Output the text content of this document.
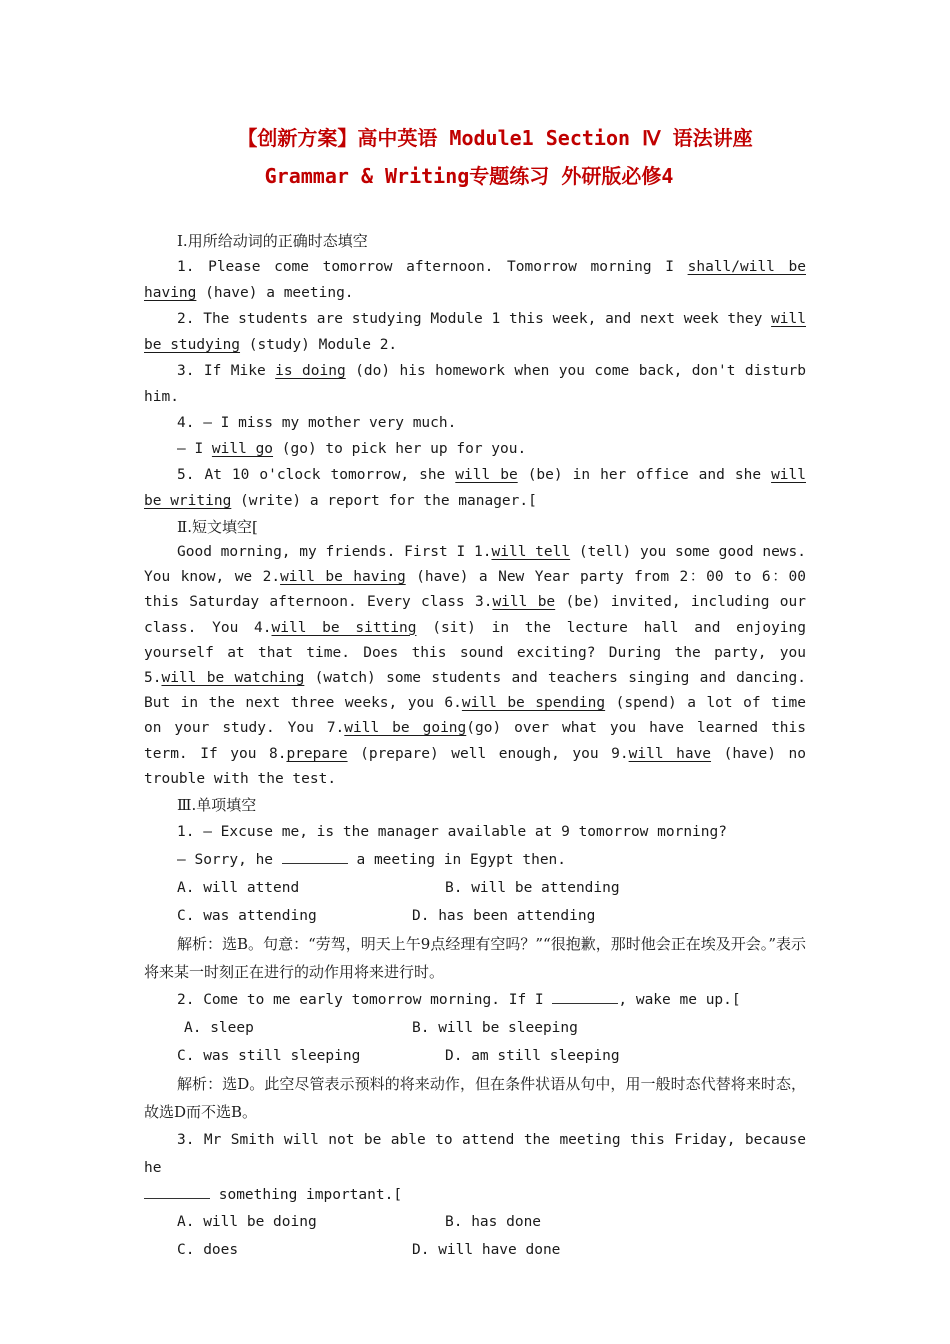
【创新方案】高中英语 Module1 Section Ⅳ 语法讲座
Grammar & Writing专题练习 外研版必修4
Ⅰ.用所给动词的正确时态填空

1. Please come tomorrow afternoon. Tomorrow morning I shall/will be having (have) a meeting.

2. The students are studying Module 1 this week, and next week they will be studying (study) Module 2.

3. If Mike is doing (do) his homework when you come back, don't disturb him.

4. — I miss my mother very much.

— I will go (go) to pick her up for you.

5. At 10 o'clock tomorrow, she will be (be) in her office and she will be writing (write) a report for the manager.[

Ⅱ.短文填空[

Good morning, my friends. First I 1.will tell (tell) you some good news. You know, we 2.will be having (have) a New Year party from 2：00 to 6：00 this Saturday afternoon. Every class 3.will be (be) invited, including our class. You 4.will be sitting (sit) in the lecture hall and enjoying yourself at that time. Does this sound exciting? During the party, you 5.will be watching (watch) some students and teachers singing and dancing. But in the next three weeks, you 6.will be spending (spend) a lot of time on your study. You 7.will be going(go) over what you have learned this term. If you 8.prepare (prepare) well enough, you 9.will have (have) no trouble with the test.

Ⅲ.单项填空

1. — Excuse me, is the manager available at 9 tomorrow morning?

— Sorry, he	a meeting in Egypt then.

A. will attend	B. will be attending
C. was attending	D. has been attending

解析：选B。句意：“劳驾，明天上午9点经理有空吗？”“很抱歉，那时他会正在埃及开会。”表示将来某一时刻正在进行的动作用将来进行时。

2. Come to me early tomorrow morning. If I	, wake me up.[

A. sleep	B. will be sleeping
C. was still sleeping	D. am still sleeping

解析：选D。此空尽管表示预料的将来动作，但在条件状语从句中，用一般时态代替将来时态，故选D而不选B。

3. Mr Smith will not be able to attend the meeting this Friday, because he

something important.[

A. will be doing	B. has done
C. does	D. will have done
